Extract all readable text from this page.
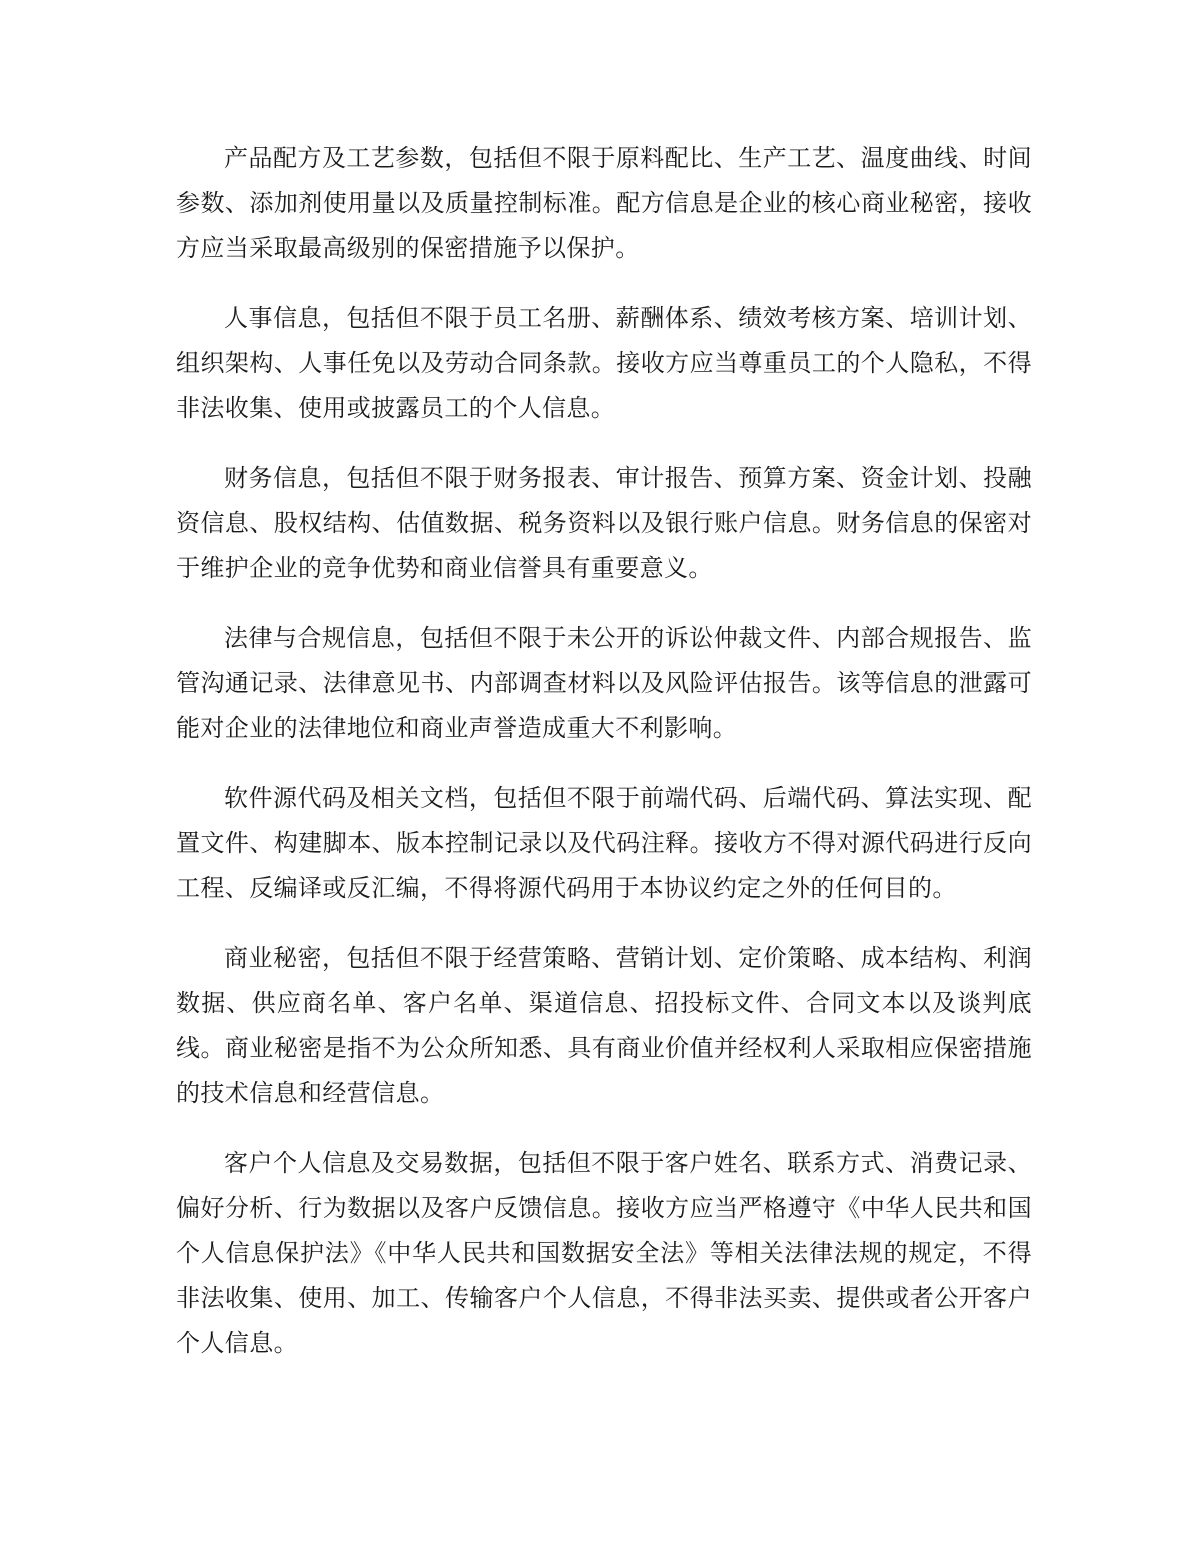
产品配方及工艺参数，包括但不限于原料配比、生产工艺、温度曲线、时间参数、添加剂使用量以及质量控制标准。配方信息是企业的核心商业秘密，接收方应当采取最高级别的保密措施予以保护。

人事信息，包括但不限于员工名册、薪酬体系、绩效考核方案、培训计划、组织架构、人事任免以及劳动合同条款。接收方应当尊重员工的个人隐私，不得非法收集、使用或披露员工的个人信息。

财务信息，包括但不限于财务报表、审计报告、预算方案、资金计划、投融资信息、股权结构、估值数据、税务资料以及银行账户信息。财务信息的保密对于维护企业的竞争优势和商业信誉具有重要意义。

法律与合规信息，包括但不限于未公开的诉讼仲裁文件、内部合规报告、监管沟通记录、法律意见书、内部调查材料以及风险评估报告。该等信息的泄露可能对企业的法律地位和商业声誉造成重大不利影响。

软件源代码及相关文档，包括但不限于前端代码、后端代码、算法实现、配置文件、构建脚本、版本控制记录以及代码注释。接收方不得对源代码进行反向工程、反编译或反汇编，不得将源代码用于本协议约定之外的任何目的。

商业秘密，包括但不限于经营策略、营销计划、定价策略、成本结构、利润数据、供应商名单、客户名单、渠道信息、招投标文件、合同文本以及谈判底线。商业秘密是指不为公众所知悉、具有商业价值并经权利人采取相应保密措施的技术信息和经营信息。

客户个人信息及交易数据，包括但不限于客户姓名、联系方式、消费记录、偏好分析、行为数据以及客户反馈信息。接收方应当严格遵守《中华人民共和国个人信息保护法》《中华人民共和国数据安全法》等相关法律法规的规定，不得非法收集、使用、加工、传输客户个人信息，不得非法买卖、提供或者公开客户个人信息。
